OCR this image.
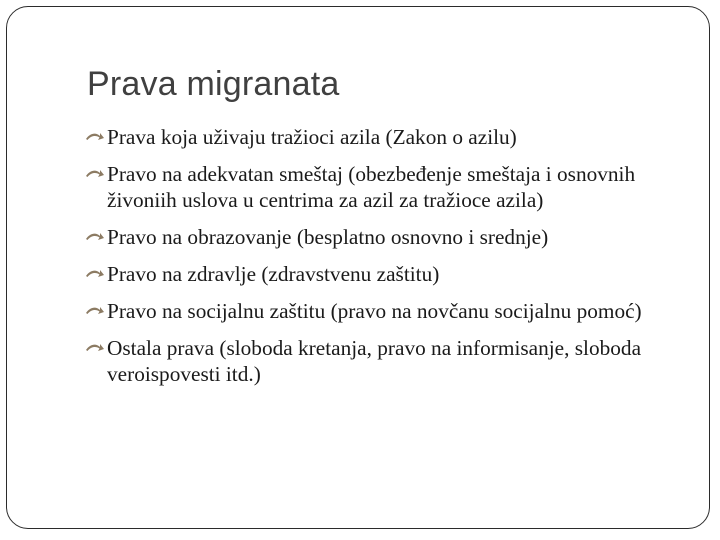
Prava migranata
Prava koja uživaju tražioci azila (Zakon o azilu)
Pravo na adekvatan smeštaj (obezbeđenje smeštaja i osnovnih živoniih uslova u centrima za azil za tražioce azila)
Pravo na obrazovanje (besplatno osnovno i srednje)
Pravo na zdravlje (zdravstvenu zaštitu)
Pravo na socijalnu zaštitu (pravo na novčanu socijalnu pomoć)
Ostala prava (sloboda kretanja, pravo na informisanje, sloboda veroispovesti itd.)
